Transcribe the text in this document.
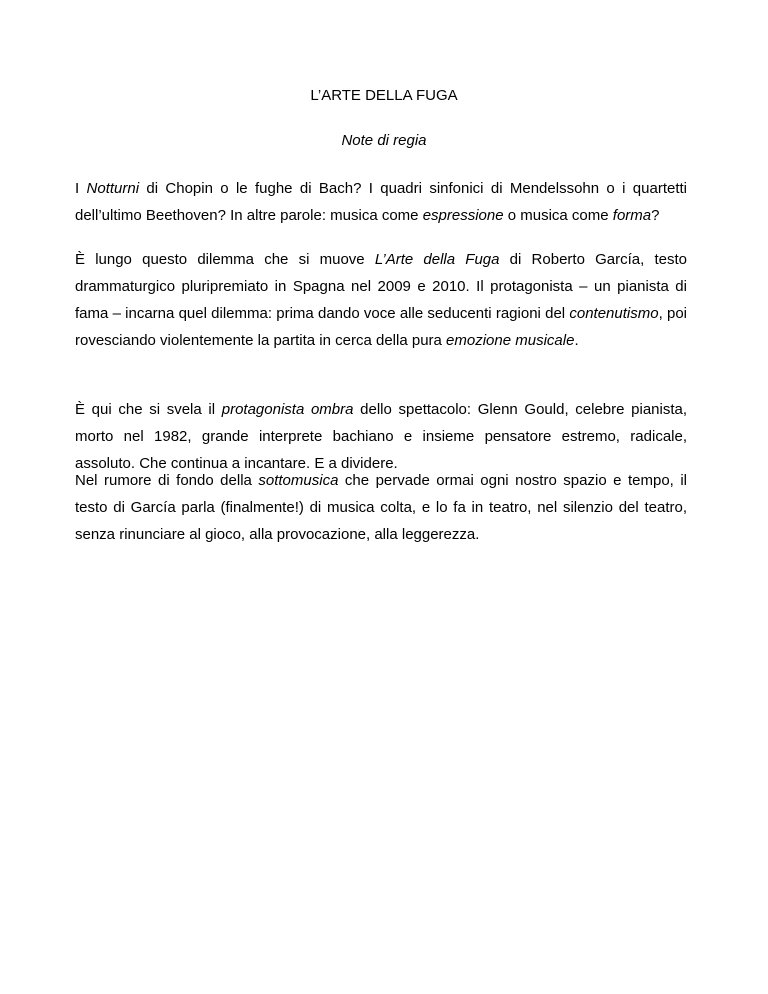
L’ARTE DELLA FUGA
Note di regia

I Notturni di Chopin o le fughe di Bach? I quadri sinfonici di Mendelssohn o i quartetti dell’ultimo Beethoven? In altre parole: musica come espressione o musica come forma?

È lungo questo dilemma che si muove L’Arte della Fuga di Roberto García, testo drammaturgico pluripremiato in Spagna nel 2009 e 2010. Il protagonista – un pianista di fama – incarna quel dilemma: prima dando voce alle seducenti ragioni del contenutismo, poi rovesciando violentemente la partita in cerca della pura emozione musicale.

È qui che si svela il protagonista ombra dello spettacolo: Glenn Gould, celebre pianista, morto nel 1982, grande interprete bachiano e insieme pensatore estremo, radicale, assoluto. Che continua a incantare. E a dividere.

Nel rumore di fondo della sottomusica che pervade ormai ogni nostro spazio e tempo, il testo di García parla (finalmente!) di musica colta, e lo fa in teatro, nel silenzio del teatro, senza rinunciare al gioco, alla provocazione, alla leggerezza.
